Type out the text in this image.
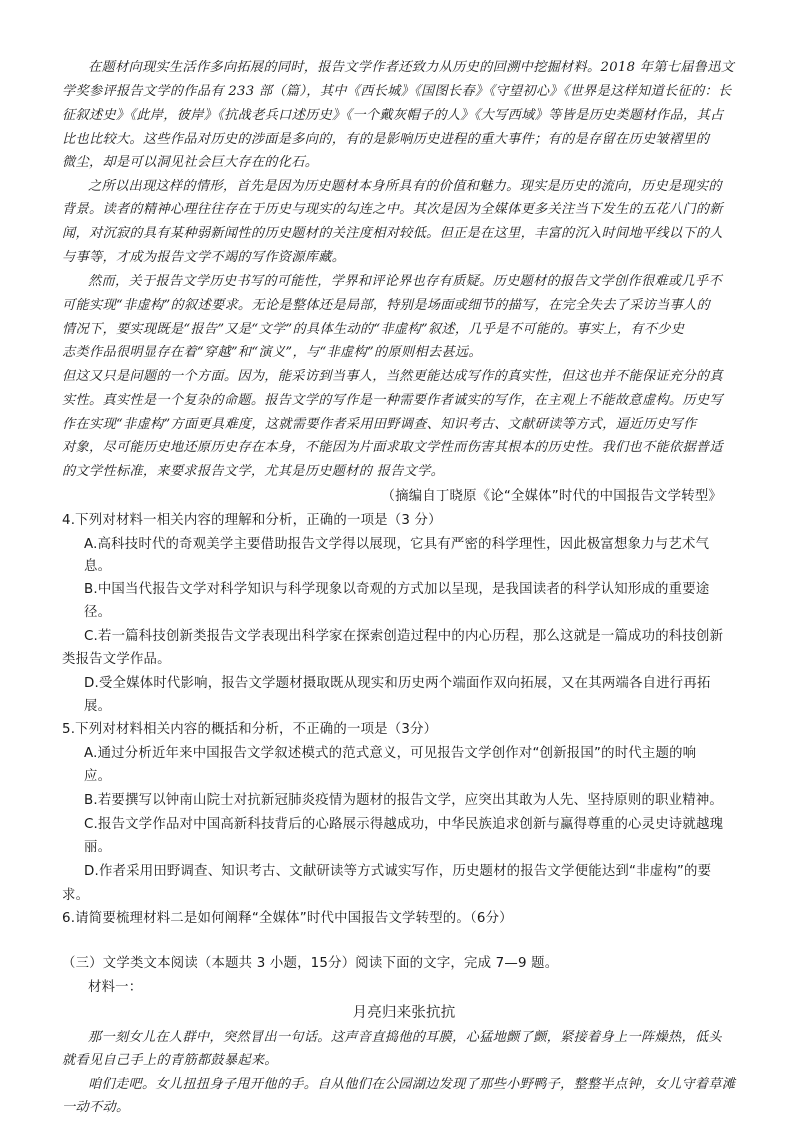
在题材向现实生活作多向拓展的同时，报告文学作者还致力从历史的回溯中挖掘材料。2018 年第七届鲁迅文
学奖参评报告文学的作品有 233 部（篇），其中《西长城》《国图长春》《守望初心》《世界是这样知道长征的：长
征叙述史》《此岸，彼岸》《抗战老兵口述历史》《一个戴灰帽子的人》《大写西域》等皆是历史类题材作品，其占
比也比较大。这些作品对历史的涉面是多向的，有的是影响历史进程的重大事件；有的是存留在历史皱褶里的
微尘，却是可以洞见社会巨大存在的化石。
之所以出现这样的情形，首先是因为历史题材本身所具有的价值和魅力。现实是历史的流向，历史是现实的
背景。读者的精神心理往往存在于历史与现实的勾连之中。其次是因为全媒体更多关注当下发生的五花八门的新
闻，对沉寂的具有某种弱新闻性的历史题材的关注度相对较低。但正是在这里，丰富的沉入时间地平线以下的人
与事等，才成为报告文学不竭的写作资源库藏。
然而，关于报告文学历史书写的可能性，学界和评论界也存有质疑。历史题材的报告文学创作很难或几乎不
可能实现“非虚构”的叙述要求。无论是整体还是局部，特别是场面或细节的描写，在完全失去了采访当事人的
情况下，要实现既是“报告”又是“文学”的具体生动的“非虚构”叙述，几乎是不可能的。事实上，有不少史
志类作品很明显存在着“穿越”和“演义”，与“非虚构”的原则相去甚远。
但这又只是问题的一个方面。因为，能采访到当事人，当然更能达成写作的真实性，但这也并不能保证充分的真
实性。真实性是一个复杂的命题。报告文学的写作是一种需要作者诚实的写作，在主观上不能故意虚构。历史写
作在实现“非虚构”方面更具难度，这就需要作者采用田野调查、知识考古、文献研读等方式，逼近历史写作
对象，尽可能历史地还原历史存在本身，不能因为片面求取文学性而伤害其根本的历史性。我们也不能依据普适
的文学性标准，来要求报告文学，尤其是历史题材的 报告文学。
（摘编自丁晓原《论“全媒体”时代的中国报告文学转型》
4.下列对材料一相关内容的理解和分析，正确的一项是（3 分）
A.高科技时代的奇观美学主要借助报告文学得以展现，它具有严密的科学理性，因此极富想象力与艺术气
息。
B.中国当代报告文学对科学知识与科学现象以奇观的方式加以呈现，是我国读者的科学认知形成的重要途
径。
C.若一篇科技创新类报告文学表现出科学家在探索创造过程中的内心历程，那么这就是一篇成功的科技创新
类报告文学作品。
D.受全媒体时代影响，报告文学题材摄取既从现实和历史两个端面作双向拓展，又在其两端各自进行再拓
展。
5.下列对材料相关内容的概括和分析，不正确的一项是（3分）
A.通过分析近年来中国报告文学叙述模式的范式意义，可见报告文学创作对“创新报国”的时代主题的响
应。
B.若要撰写以钟南山院士对抗新冠肺炎疫情为题材的报告文学，应突出其敢为人先、坚持原则的职业精神。
C.报告文学作品对中国高新科技背后的心路展示得越成功，中华民族追求创新与赢得尊重的心灵史诗就越瑰
丽。
D.作者采用田野调查、知识考古、文献研读等方式诚实写作，历史题材的报告文学便能达到“非虚构”的要
求。
6.请简要梳理材料二是如何阐释“全媒体”时代中国报告文学转型的。（6分）
（三）文学类文本阅读（本题共 3 小题，15分）阅读下面的文字，完成 7—9 题。
材料一：
月亮归来张抗抗
那一刻女儿在人群中，突然冒出一句话。这声音直捣他的耳膜，心猛地颤了颤，紧接着身上一阵燥热，低头
就看见自己手上的青筋都鼓暴起来。
咱们走吧。女儿扭扭身子甩开他的手。自从他们在公园湖边发现了那些小野鸭子，整整半点钟，女儿守着草滩
一动不动。
